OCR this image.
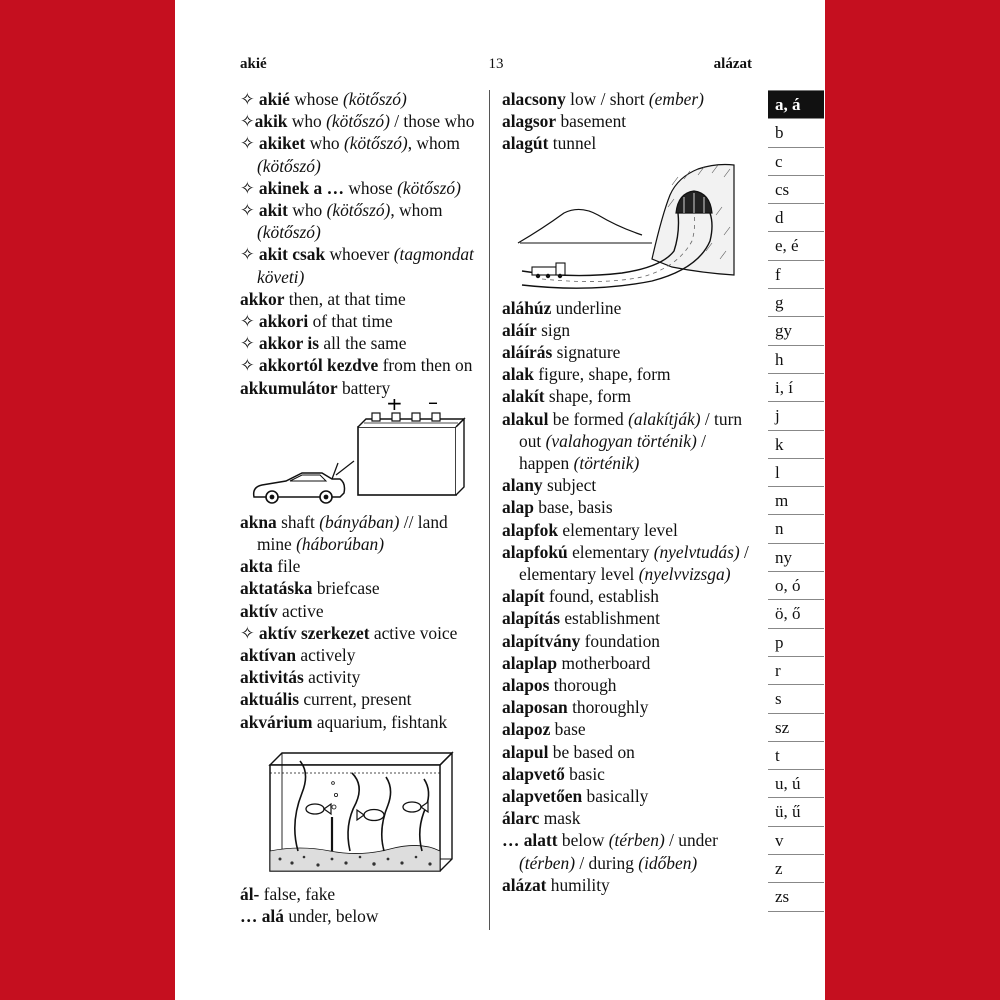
13
akié	alázat

✧ akié whose (kötőszó)

✧akik who (kötőszó) / those who

✧ akiket who (kötőszó), whom (kötőszó)

✧ akinek a … whose (kötőszó)

✧ akit who (kötőszó), whom (kötőszó)

✧ akit csak whoever (tagmondat követi)

akkor then, at that time

✧ akkori of that time

✧ akkor is all the same

✧ akkortól kezdve from then on

akkumulátor battery

+ –

akna shaft (bányában) // land mine (háborúban)

akta file

aktatáska briefcase

aktív active

✧ aktív szerkezet active voice

aktívan actively

aktivitás activity

aktuális current, present

akvárium aquarium, fishtank

ál- false, fake

… alá under, below

alacsony low / short (ember)

alagsor basement

alagút tunnel

aláhúz underline

aláír sign

aláírás signature

alak figure, shape, form

alakít shape, form

alakul be formed (alakítják) / turn out (valahogyan történik) / happen (történik)

alany subject

alap base, basis

alapfok elementary level

alapfokú elementary (nyelvtudás) / elementary level (nyelvvizsga)

alapít found, establish

alapítás establishment

alapítvány foundation

alaplap motherboard

alapos thorough

alaposan thoroughly

alapoz base

alapul be based on

alapvető basic

alapvetően basically

álarc mask

… alatt below (térben) / under (térben) / during (időben)

alázat humility

a, á
b
c
cs
d
e, é
f
g
gy
h
i, í
j
k
l
m
n
ny
o, ó
ö, ő
p
r
s
sz
t
u, ú
ü, ű
v
z
zs
